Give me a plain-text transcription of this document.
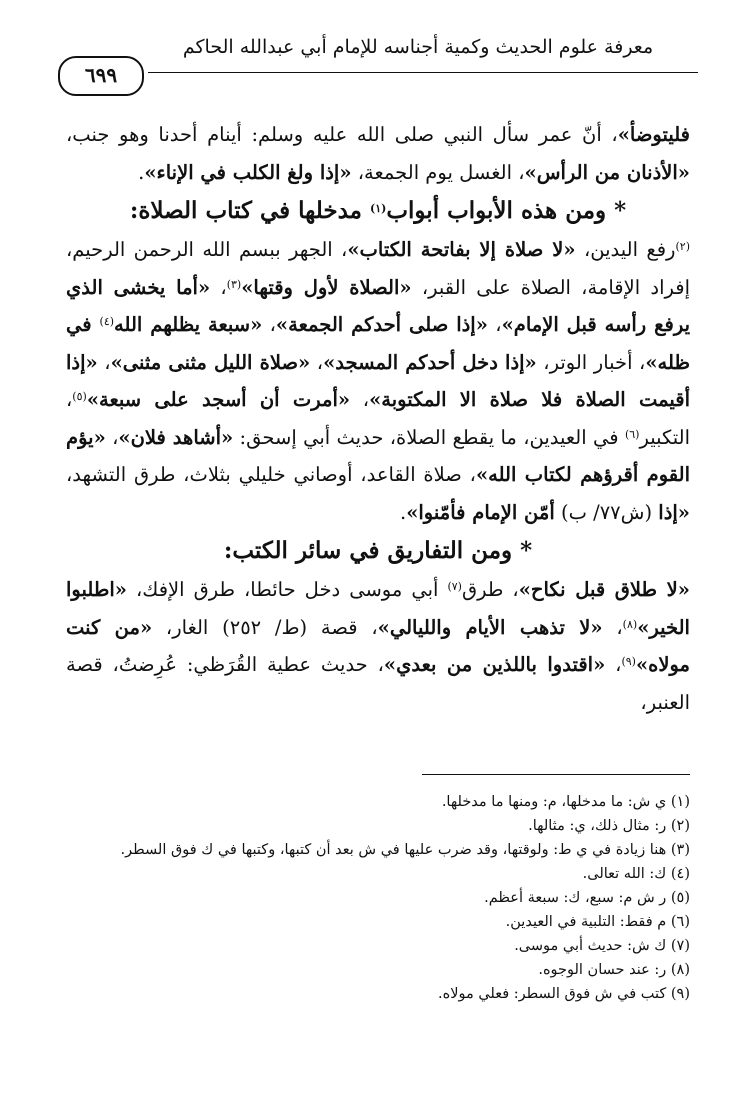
معرفة علوم الحديث وكمية أجناسه للإمام أبي عبدالله الحاكم
٦٩٩

فليتوضأ»، أنّ عمر سأل النبي صلى الله عليه وسلم: أينام أحدنا وهو جنب، «الأذنان من الرأس»، الغسل يوم الجمعة، «إذا ولغ الكلب في الإناء».

* ومن هذه الأبواب أبواب$^{(١)}$ مدخلها في كتاب الصلاة:

$^{(٢)}$رفع اليدين، «لا صلاة إلا بفاتحة الكتاب»، الجهر ببسم الله الرحمن الرحيم، إفراد الإقامة، الصلاة على القبر، «الصلاة لأول وقتها»$^{(٣)}$، «أما يخشى الذي يرفع رأسه قبل الإمام»، «إذا صلى أحدكم الجمعة»، «سبعة يظلهم الله$^{(٤)}$ في ظله»، أخبار الوتر، «إذا دخل أحدكم المسجد»، «صلاة الليل مثنى مثنى»، «إذا أقيمت الصلاة فلا صلاة الا المكتوبة»، «أمرت أن أسجد على سبعة»$^{(٥)}$، التكبير$^{(٦)}$ في العيدين، ما يقطع الصلاة، حديث أبي إسحق: «أشاهد فلان»، «يؤم القوم أقرؤهم لكتاب الله»، صلاة القاعد، أوصاني خليلي بثلاث، طرق التشهد، «إذا (ش٧٧/ ب) أمّن الإمام فأمّنوا».

* ومن التفاريق في سائر الكتب:

«لا طلاق قبل نكاح»، طرق$^{(٧)}$ أبي موسى دخل حائطا، طرق الإفك، «اطلبوا الخير»$^{(٨)}$، «لا تذهب الأيام والليالي»، قصة (ط/ ٢٥٢) الغار، «من كنت مولاه»$^{(٩)}$، «اقتدوا باللذين من بعدي»، حديث عطية القُرَظي: عُرِضتُ، قصة العنبر،

(١) ي ش: ما مدخلها، م: ومنها ما مدخلها.
(٢) ر: مثال ذلك، ي: مثالها.
(٣) هنا زيادة في ي ط: ولوقتها، وقد ضرب عليها في ش بعد أن كتبها، وكتبها في ك فوق السطر.
(٤) ك: الله تعالى.
(٥) ر ش م: سبع، ك: سبعة أعظم.
(٦) م فقط: التلبية في العيدين.
(٧) ك ش: حديث أبي موسى.
(٨) ر: عند حسان الوجوه.
(٩) كتب في ش فوق السطر: فعلي مولاه.
